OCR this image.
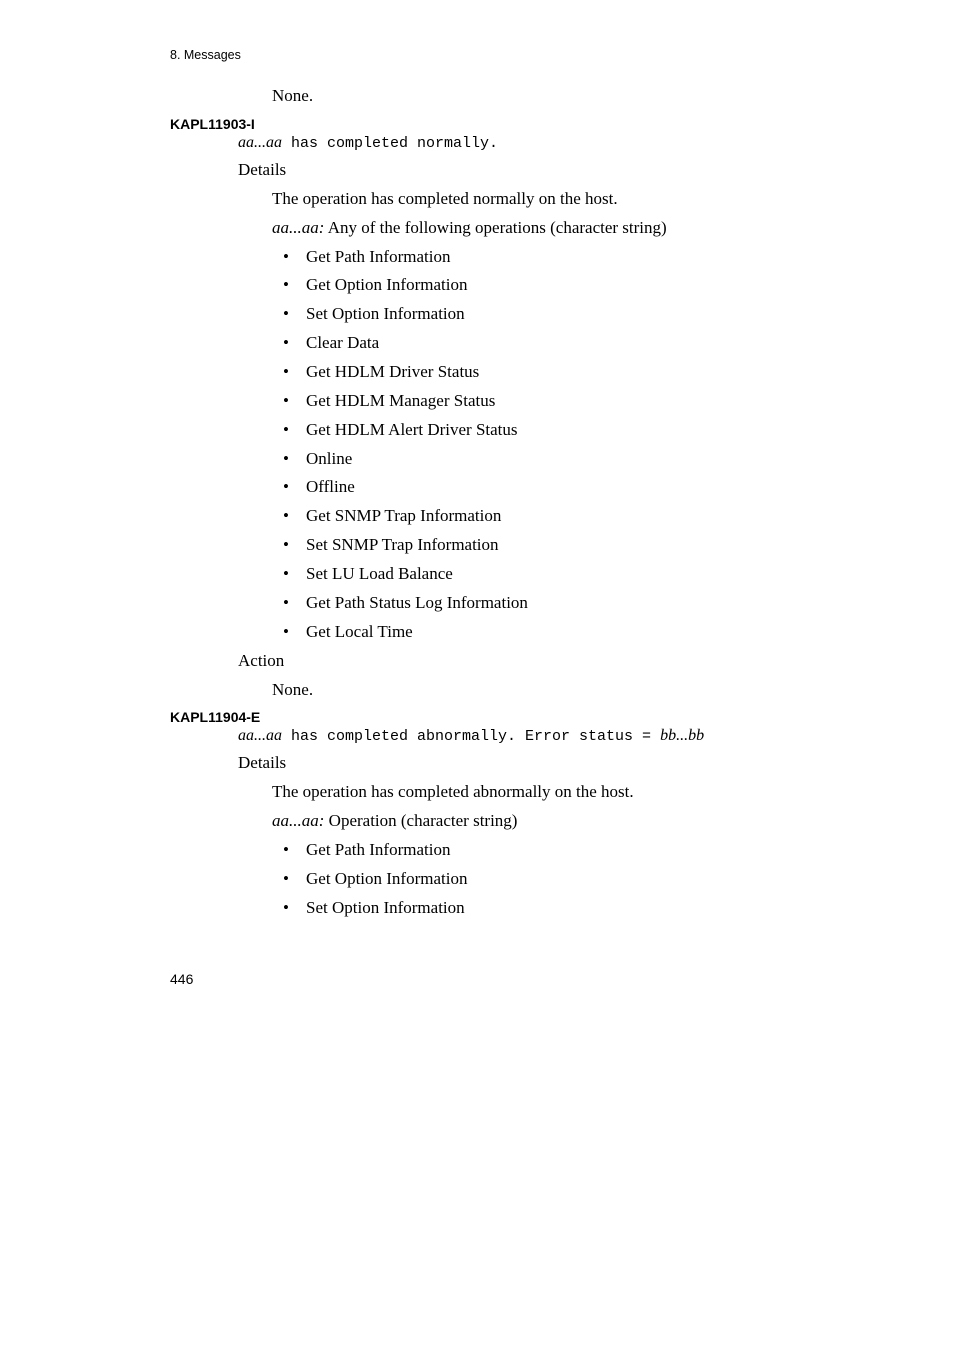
8. Messages
None.
KAPL11903-I
aa...aa has completed normally.
Details
The operation has completed normally on the host.
aa...aa: Any of the following operations (character string)
• Get Path Information
• Get Option Information
• Set Option Information
• Clear Data
• Get HDLM Driver Status
• Get HDLM Manager Status
• Get HDLM Alert Driver Status
• Online
• Offline
• Get SNMP Trap Information
• Set SNMP Trap Information
• Set LU Load Balance
• Get Path Status Log Information
• Get Local Time
Action
None.
KAPL11904-E
aa...aa has completed abnormally. Error status = bb...bb
Details
The operation has completed abnormally on the host.
aa...aa: Operation (character string)
• Get Path Information
• Get Option Information
• Set Option Information
446
